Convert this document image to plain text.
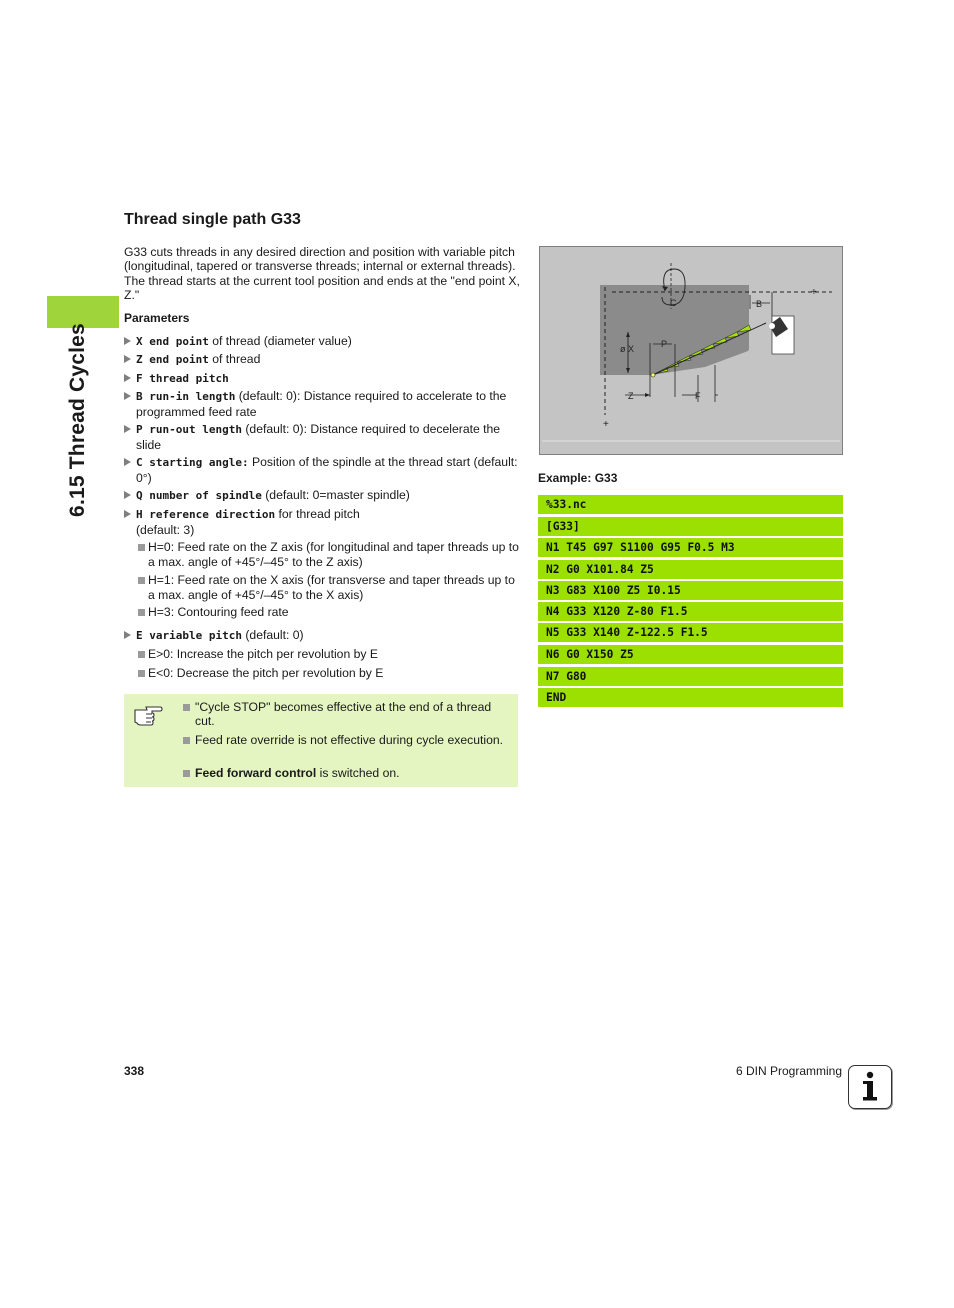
6.15 Thread Cycles
Thread single path G33
G33 cuts threads in any desired direction and position with variable pitch (longitudinal, tapered or transverse threads; internal or external threads). The thread starts at the current tool position and ends at the "end point X, Z."
Parameters
X end point of thread (diameter value)
Z end point of thread
F thread pitch
B run-in length (default: 0): Distance required to accelerate to the programmed feed rate
P run-out length (default: 0): Distance required to decelerate the slide
C starting angle: Position of the spindle at the thread start (default: 0°)
Q number of spindle (default: 0=master spindle)
H reference direction for thread pitch (default: 3)
H=0: Feed rate on the Z axis (for longitudinal and taper threads up to a max. angle of +45°/–45° to the Z axis)
H=1: Feed rate on the X axis (for transverse and taper threads up to a max. angle of +45°/–45° to the X axis)
H=3: Contouring feed rate
E variable pitch (default: 0)
E>0: Increase the pitch per revolution by E
E<0: Decrease the pitch per revolution by E
"Cycle STOP" becomes effective at the end of a thread cut.
Feed rate override is not effective during cycle execution.
Feed forward control is switched on.
B
C
P
ø X
Z	F
+
+
Example: G33
%33.nc
[G33]
N1 T45 G97 S1100 G95 F0.5 M3
N2 G0 X101.84 Z5
N3 G83 X100 Z5 I0.15
N4 G33 X120 Z-80 F1.5
N5 G33 X140 Z-122.5 F1.5
N6 G0 X150 Z5
N7 G80
END
338	6 DIN Programming
